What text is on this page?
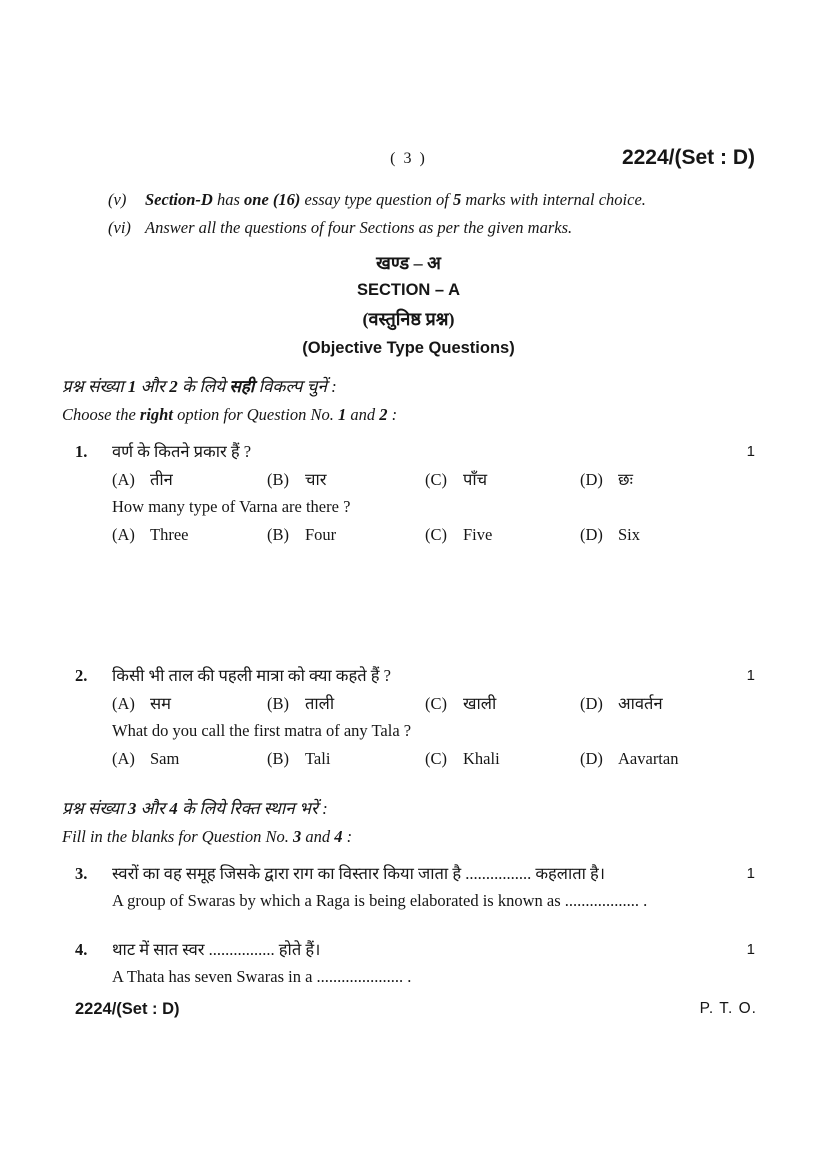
( 3 )	2224/(Set : D)
(v)	Section-D has one (16) essay type question of 5 marks with internal choice.
(vi) Answer all the questions of four Sections as per the given marks.
खण्ड – अ
SECTION – A
(वस्तुनिष्ठ प्रश्न)
(Objective Type Questions)
प्रश्न संख्या 1 और 2 के लिये सही विकल्प चुनें :
Choose the right option for Question No. 1 and 2 :
1.	वर्ण के कितने प्रकार हैं ?	1
(A) तीन	(B) चार	(C) पाँच	(D) छः
How many type of Varna are there ?
(A) Three	(B) Four	(C) Five	(D) Six
2.	किसी भी ताल की पहली मात्रा को क्या कहते हैं ?	1
(A) सम	(B) ताली	(C) खाली	(D) आवर्तन
What do you call the first matra of any Tala ?
(A) Sam	(B) Tali	(C) Khali	(D) Aavartan
प्रश्न संख्या 3 और 4 के लिये रिक्त स्थान भरें :
Fill in the blanks for Question No. 3 and 4 :
3.	स्वरों का वह समूह जिसके द्वारा राग का विस्तार किया जाता है ................ कहलाता है।	1
A group of Swaras by which a Raga is being elaborated is known as .................. .
4.	थाट में सात स्वर ................ होते हैं।	1
A Thata has seven Swaras in a ..................... .
2224/(Set : D)	P. T. O.
